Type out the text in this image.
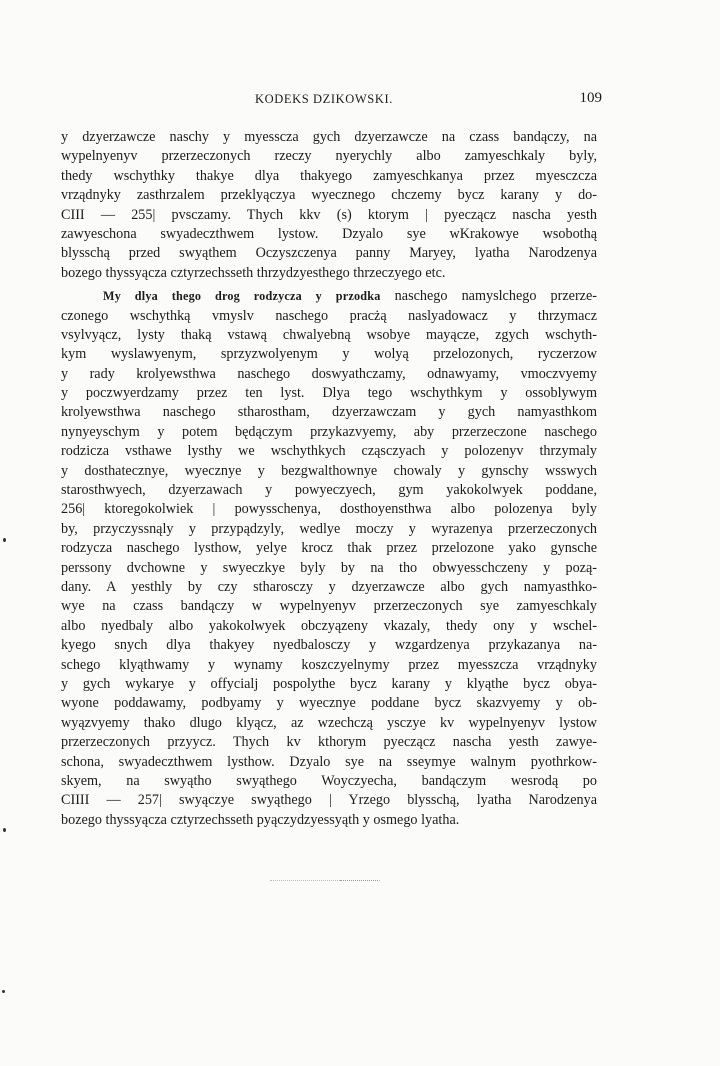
KODEKS DZIKOWSKI.	109
y dzyerzawcze naschy y myesscza gych dzyerzawcze na czass bandączy, na
wypelnyenyv przerzeczonych rzeczy nyerychly albo zamyeschkaly byly,
thedy wschythky thakye dlya thakyego zamyeschkanya przez myesczcza
vrządnyky zasthrzalem przeklyączya wyecznego chczemy bycz karany y do-
CIII — 255| pvsczamy. Thych kkv (s) ktorym | pyecząсz nascha yesth
zawyeschona swyadeczthwem lystow. Dzyalo sye wKrakowye wsobothą
blysschą przed swyąthem Oczyszczenya panny Maryey, lyatha Narodzenya
bozego thyssyącza cztyrzechsseth thrzydzyesthego thrzeczyego etc.
My dlya thego drog rodzycza y przodka naschego namyslchego przerze-
czonego wschythką vmyslv naschego pracżą naslyadowacz y thrzymacz
vsylvyącz, lysty thaką vstawą chwalyebną wsobye mayącze, zgych wschyth-
kym wyslawyenym, sprzyzwolyenym y wolyą przelozonych, ryczerzow
y rady krolyewsthwa naschego doswyathczamy, odnawyamy, vmoczvyemy
y poczwyerdzamy przez ten lyst. Dlya tego wschythkym y ossoblywym
krolyewsthwa naschego stharostham, dzyerzawczam y gych namyasthkom
nynyeyschym y potem będączym przykazvyemy, aby przerzeczone naschego
rodzicza vsthawe lysthy we wschythkych cząsczyach y polozenyv thrzymaly
y dosthatecznye, wyecznye y bezgwalthownye chowaly y gynschy wsswych
starosthwyech, dzyerzawach y powyeczyech, gym yakokolwyek poddane,
256| ktoregokolwiek | powysschenya, dosthoyensthwa albo polozenya byly
by, przyczyssnąly y przypądzyly, wedlye moczy y wyrazenya przerzeczonych
rodzycza naschego lysthow, yelye krocz thak przez przelozone yako gynsche
perssony dvchowne y swyeczkye byly by na tho obwyesschczeny y pozą-
dany. A yesthly by czy stharosczy y dzyerzawcze albo gych namyasthko-
wye na czass bandączy w wypelnyenyv przerzeczonych sye zamyeschkaly
albo nyedbaly albo yakokolwyek obczyązeny vkazaly, thedy ony y wschel-
kyego snych dlya thakyey nyedbalosczy y wzgardzenya przykazanya na-
schego klyąthwamy y wynamy koszczyelnymy przez myesszcza vrządnyky
y gych wykarye y offycialj pospolythe bycz karany y klyąthe bycz obya-
wyone poddawamy, podbyamy y wyecznye poddane bycz skazvyemy y ob-
wyązvyemy thako dlugo klyącz, az wzechczą ysczye kv wypelnyenyv lystow
przerzeczonych przyycz. Thych kv kthorym pyecząсz nascha yesth zawye-
schona, swyadeczthwem lysthow. Dzyalo sye na sseymye walnym pyothrkow-
skyem, na swyątho swyąthego Woyczyecha, bandączym wesrodą po
CIIII — 257| swyączye swyąthego | Yrzego blysschą, lyatha Narodzenya
bozego thyssyącza cztyrzechsseth pyączydzyessyąth y osmego lyatha.
